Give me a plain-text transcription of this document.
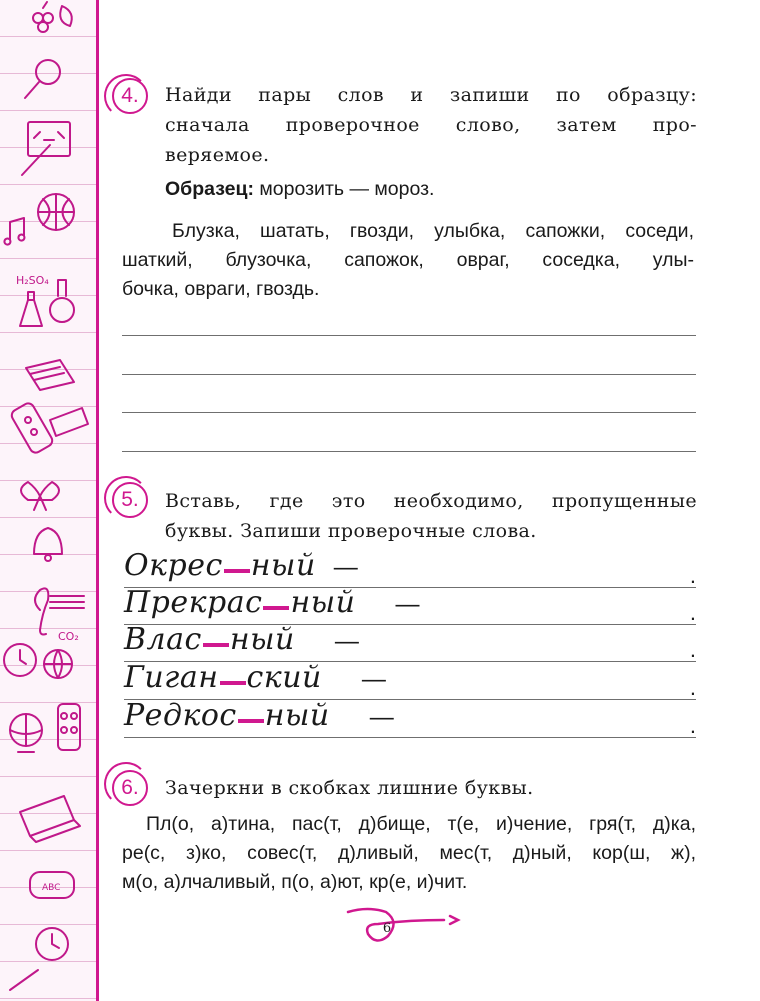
H₂SO₄
CO₂
ABC
4.	Найди пары слов и запиши по образцу:
сначала проверочное слово, затем про-
веряемое.
Образец: морозить — мороз.
Блузка, шатать, гвозди, улыбка, сапожки, соседи,
шаткий, блузочка, сапожок, овраг, соседка, улы-
бочка, овраги, гвоздь.
5.	Вставь, где это необходимо, пропущенные
буквы. Запиши проверочные слова.
Окрес ный —	.
Прекрас ный —	.
Влас ный —	.
Гиган ский —	.
Редкос ный —	.
6.	Зачеркни в скобках лишние буквы.
Пл(о, а)тина, пас(т, д)бище, т(е, и)чение, гря(т, д)ка,
ре(с, з)ко, совес(т, д)ливый, мес(т, д)ный, кор(ш, ж),
м(о, а)лчаливый, п(о, а)ют, кр(е, и)чит.
6
